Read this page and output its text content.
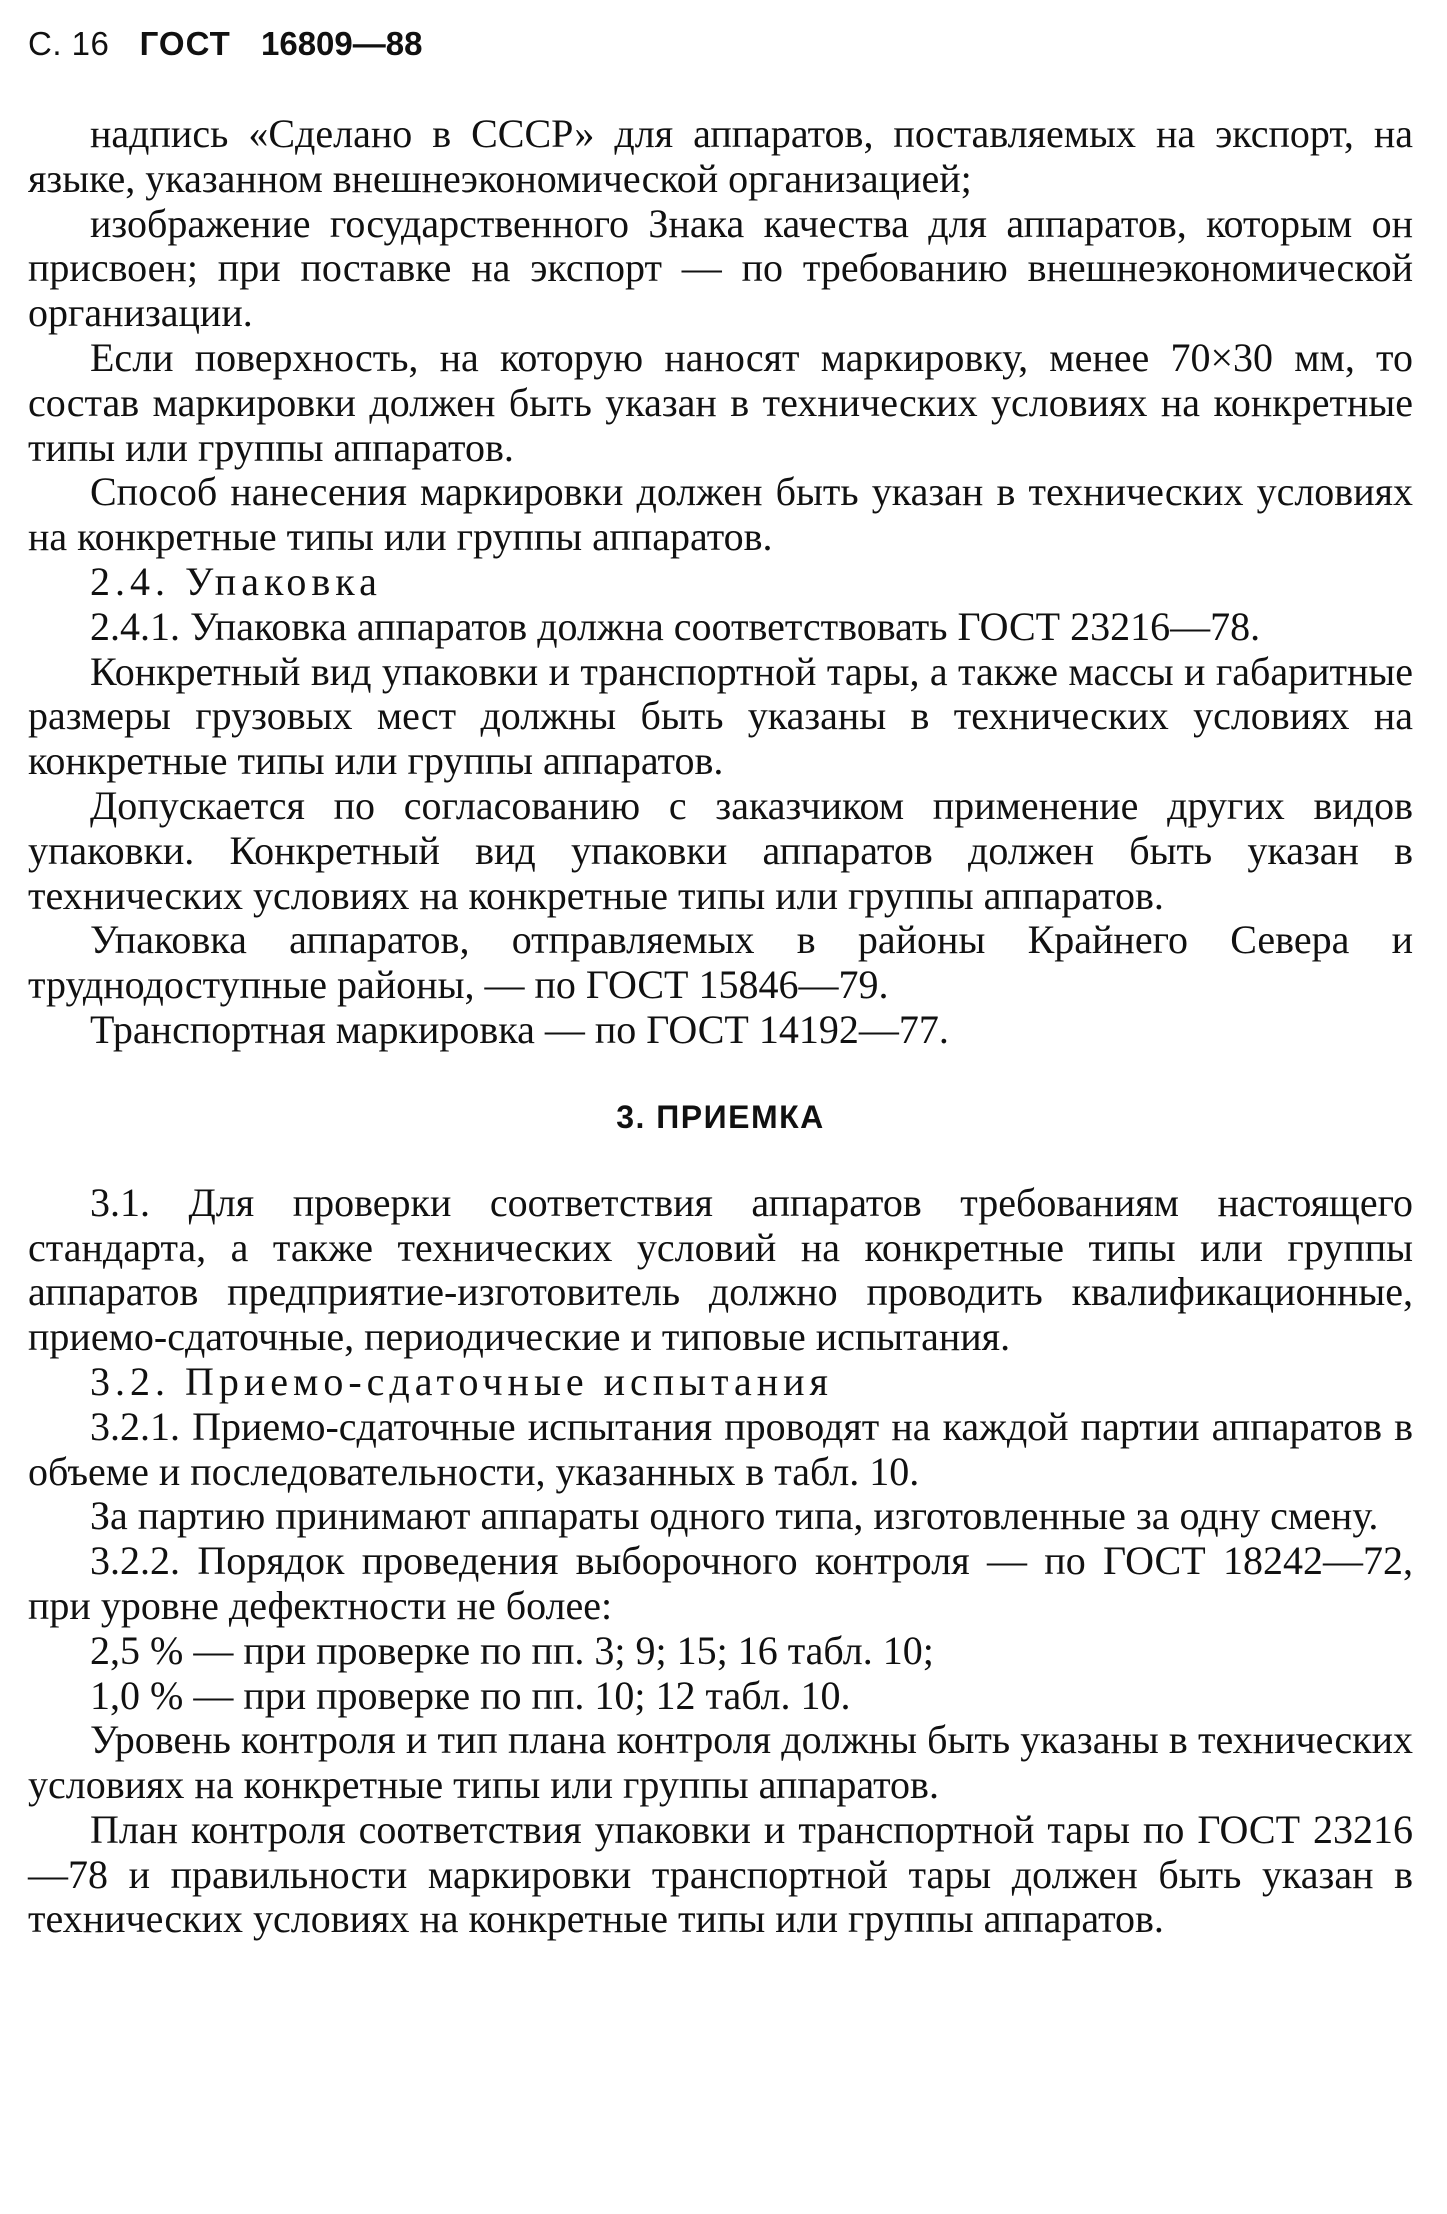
С. 16 ГОСТ 16809—88

надпись «Сделано в СССР» для аппаратов, поставляемых на экспорт, на языке, указанном внешнеэкономической организацией;

изображение государственного Знака качества для аппаратов, которым он присвоен; при поставке на экспорт — по требованию внешнеэкономической организации.

Если поверхность, на которую наносят маркировку, менее 70×30 мм, то состав маркировки должен быть указан в технических условиях на конкретные типы или группы аппаратов.

Способ нанесения маркировки должен быть указан в технических условиях на конкретные типы или группы аппаратов.

2.4. Упаковка

2.4.1. Упаковка аппаратов должна соответствовать ГОСТ 23216—78.

Конкретный вид упаковки и транспортной тары, а также массы и габаритные размеры грузовых мест должны быть указаны в технических условиях на конкретные типы или группы аппаратов.

Допускается по согласованию с заказчиком применение других видов упаковки. Конкретный вид упаковки аппаратов должен быть указан в технических условиях на конкретные типы или группы аппаратов.

Упаковка аппаратов, отправляемых в районы Крайнего Севера и труднодоступные районы, — по ГОСТ 15846—79.

Транспортная маркировка — по ГОСТ 14192—77.

3. ПРИЕМКА

3.1. Для проверки соответствия аппаратов требованиям настоящего стандарта, а также технических условий на конкретные типы или группы аппаратов предприятие-изготовитель должно проводить квалификационные, приемо-сдаточные, периодические и типовые испытания.

3.2. Приемо-сдаточные испытания

3.2.1. Приемо-сдаточные испытания проводят на каждой партии аппаратов в объеме и последовательности, указанных в табл. 10.

За партию принимают аппараты одного типа, изготовленные за одну смену.

3.2.2. Порядок проведения выборочного контроля — по ГОСТ 18242—72, при уровне дефектности не более:

2,5 % — при проверке по пп. 3; 9; 15; 16 табл. 10;

1,0 % — при проверке по пп. 10; 12 табл. 10.

Уровень контроля и тип плана контроля должны быть указаны в технических условиях на конкретные типы или группы аппаратов.

План контроля соответствия упаковки и транспортной тары по ГОСТ 23216—78 и правильности маркировки транспортной тары должен быть указан в технических условиях на конкретные типы или группы аппаратов.
